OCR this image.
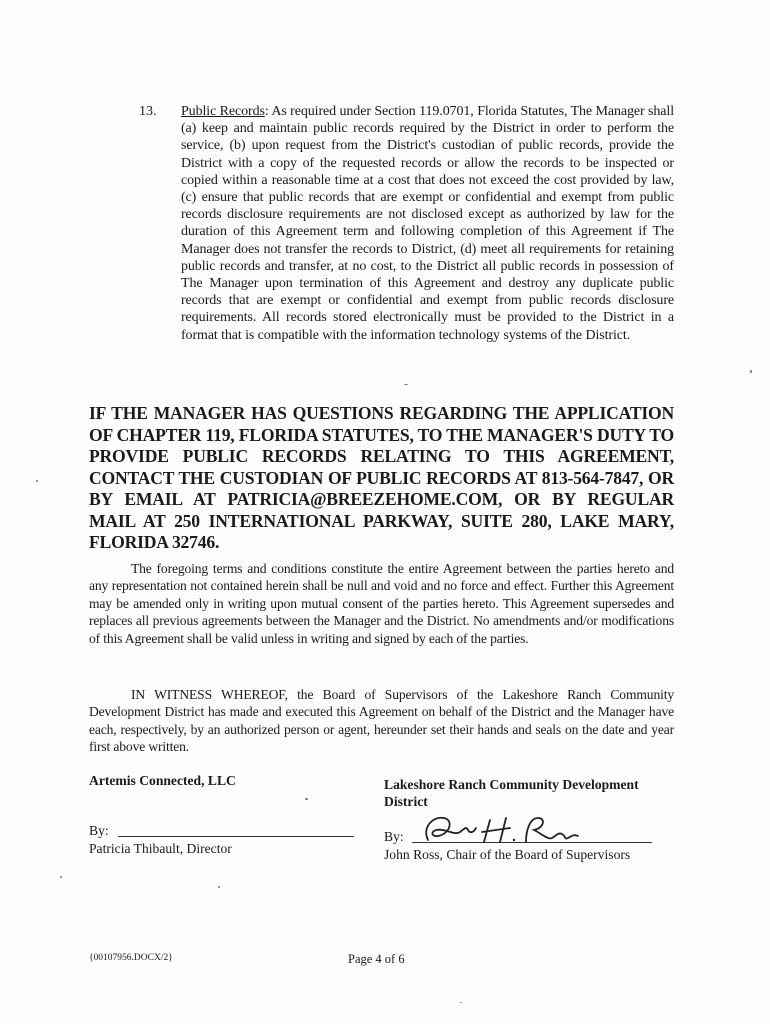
13. Public Records: As required under Section 119.0701, Florida Statutes, The Manager shall (a) keep and maintain public records required by the District in order to perform the service, (b) upon request from the District's custodian of public records, provide the District with a copy of the requested records or allow the records to be inspected or copied within a reasonable time at a cost that does not exceed the cost provided by law, (c) ensure that public records that are exempt or confidential and exempt from public records disclosure requirements are not disclosed except as authorized by law for the duration of this Agreement term and following completion of this Agreement if The Manager does not transfer the records to District, (d) meet all requirements for retaining public records and transfer, at no cost, to the District all public records in possession of The Manager upon termination of this Agreement and destroy any duplicate public records that are exempt or confidential and exempt from public records disclosure requirements. All records stored electronically must be provided to the District in a format that is compatible with the information technology systems of the District.
IF THE MANAGER HAS QUESTIONS REGARDING THE APPLICATION OF CHAPTER 119, FLORIDA STATUTES, TO THE MANAGER'S DUTY TO PROVIDE PUBLIC RECORDS RELATING TO THIS AGREEMENT, CONTACT THE CUSTODIAN OF PUBLIC RECORDS AT 813-564-7847, OR BY EMAIL AT PATRICIA@BREEZEHOME.COM, OR BY REGULAR MAIL AT 250 INTERNATIONAL PARKWAY, SUITE 280, LAKE MARY, FLORIDA 32746.
The foregoing terms and conditions constitute the entire Agreement between the parties hereto and any representation not contained herein shall be null and void and no force and effect. Further this Agreement may be amended only in writing upon mutual consent of the parties hereto. This Agreement supersedes and replaces all previous agreements between the Manager and the District. No amendments and/or modifications of this Agreement shall be valid unless in writing and signed by each of the parties.
IN WITNESS WHEREOF, the Board of Supervisors of the Lakeshore Ranch Community Development District has made and executed this Agreement on behalf of the District and the Manager have each, respectively, by an authorized person or agent, hereunder set their hands and seals on the date and year first above written.
Artemis Connected, LLC	Lakeshore Ranch Community Development District
By:
Patricia Thibault, Director
By:
John Ross, Chair of the Board of Supervisors
{00107956.DOCX/2}	Page 4 of 6
